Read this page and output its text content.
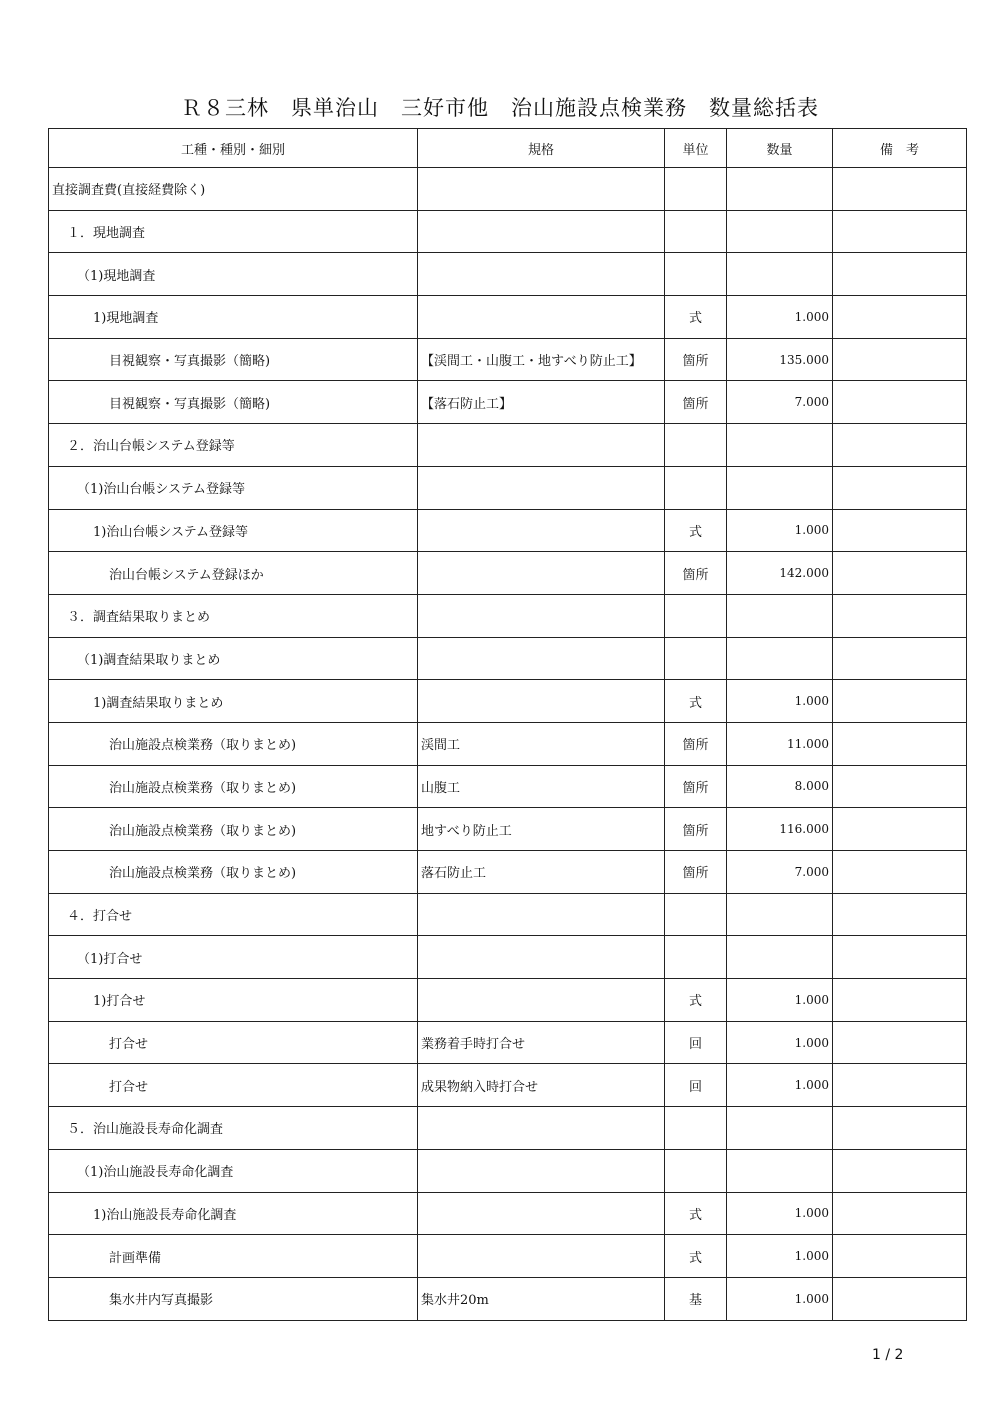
Ｒ８三林　県単治山　三好市他　治山施設点検業務　数量総括表
工種・種別・細別	規格	単位	数量	備　考
直接調査費(直接経費除く)				
１．現地調査				
（1)現地調査				
1)現地調査		式	1.000	
目視観察・写真撮影（簡略)	【渓間工・山腹工・地すべり防止工】	箇所	135.000	
目視観察・写真撮影（簡略)	【落石防止工】	箇所	7.000	
２．治山台帳システム登録等				
（1)治山台帳システム登録等				
1)治山台帳システム登録等		式	1.000	
治山台帳システム登録ほか		箇所	142.000	
３．調査結果取りまとめ				
（1)調査結果取りまとめ				
1)調査結果取りまとめ		式	1.000	
治山施設点検業務（取りまとめ)	渓間工	箇所	11.000	
治山施設点検業務（取りまとめ)	山腹工	箇所	8.000	
治山施設点検業務（取りまとめ)	地すべり防止工	箇所	116.000	
治山施設点検業務（取りまとめ)	落石防止工	箇所	7.000	
４．打合せ				
（1)打合せ				
1)打合せ		式	1.000	
打合せ	業務着手時打合せ	回	1.000	
打合せ	成果物納入時打合せ	回	1.000	
５．治山施設長寿命化調査				
（1)治山施設長寿命化調査				
1)治山施設長寿命化調査		式	1.000	
計画準備		式	1.000	
集水井内写真撮影	集水井20m	基	1.000	
1 / 2
